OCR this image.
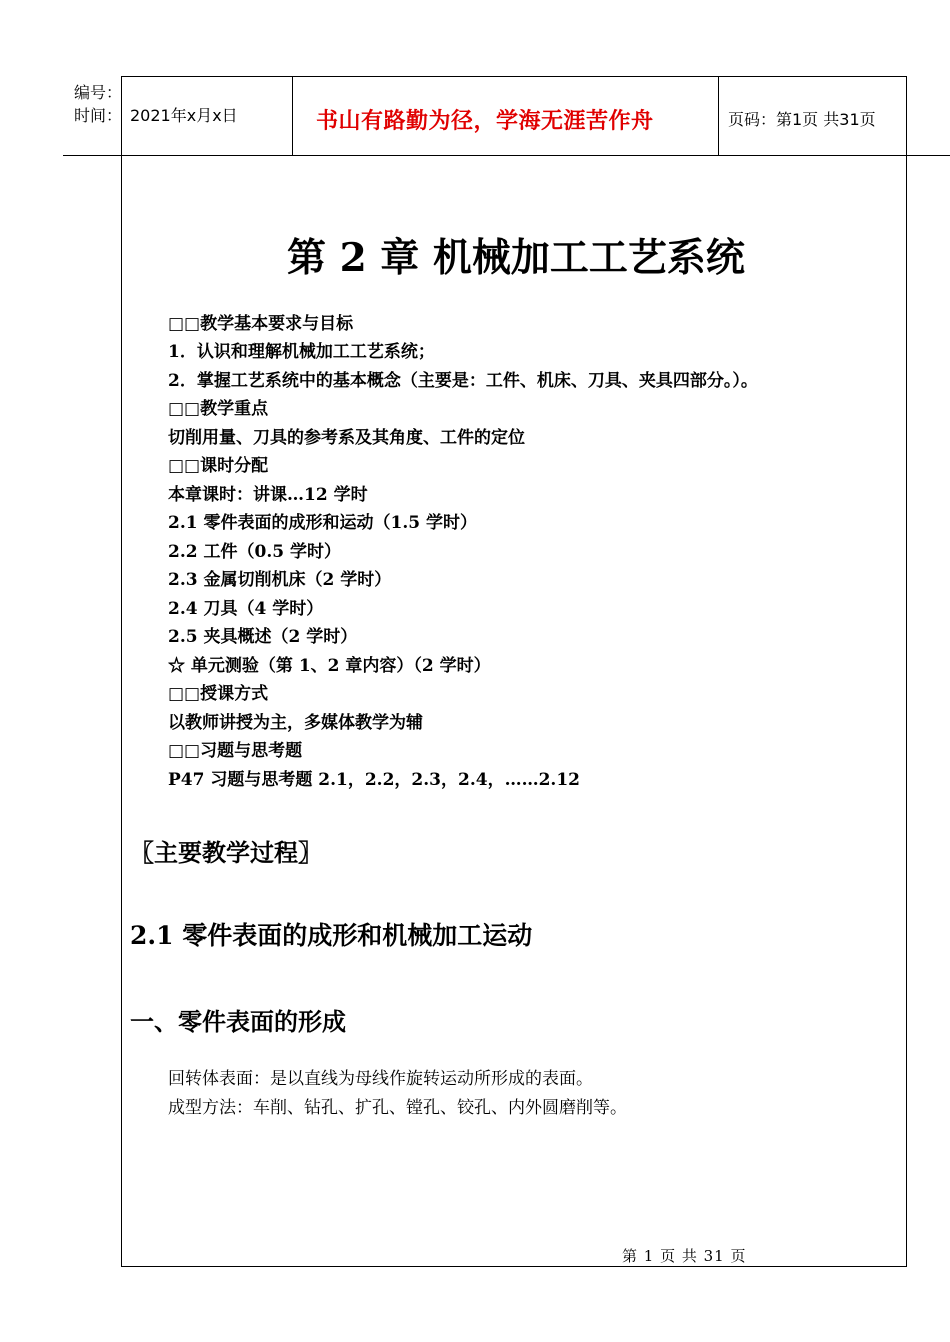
编号：
时间： 2021年x月x日	书山有路勤为径，学海无涯苦作舟	页码：第1页 共31页
第 2 章 机械加工工艺系统
□□教学基本要求与目标
1．认识和理解机械加工工艺系统；
2．掌握工艺系统中的基本概念（主要是：工件、机床、刀具、夹具四部分。）。
□□教学重点
切削用量、刀具的参考系及其角度、工件的定位
□□课时分配
本章课时：讲课…12 学时
2.1 零件表面的成形和运动（1.5 学时）
2.2 工件（0.5 学时）
2.3 金属切削机床（2 学时）
2.4 刀具（4 学时）
2.5 夹具概述（2 学时）
☆ 单元测验（第 1、2 章内容）（2 学时）
□□授课方式
以教师讲授为主，多媒体教学为辅
□□习题与思考题
P47 习题与思考题 2.1，2.2，2.3，2.4，……2.12
〖主要教学过程〗
2.1 零件表面的成形和机械加工运动
一、零件表面的形成
回转体表面：是以直线为母线作旋转运动所形成的表面。
成型方法：车削、钻孔、扩孔、镗孔、铰孔、内外圆磨削等。
第 1 页 共 31 页
